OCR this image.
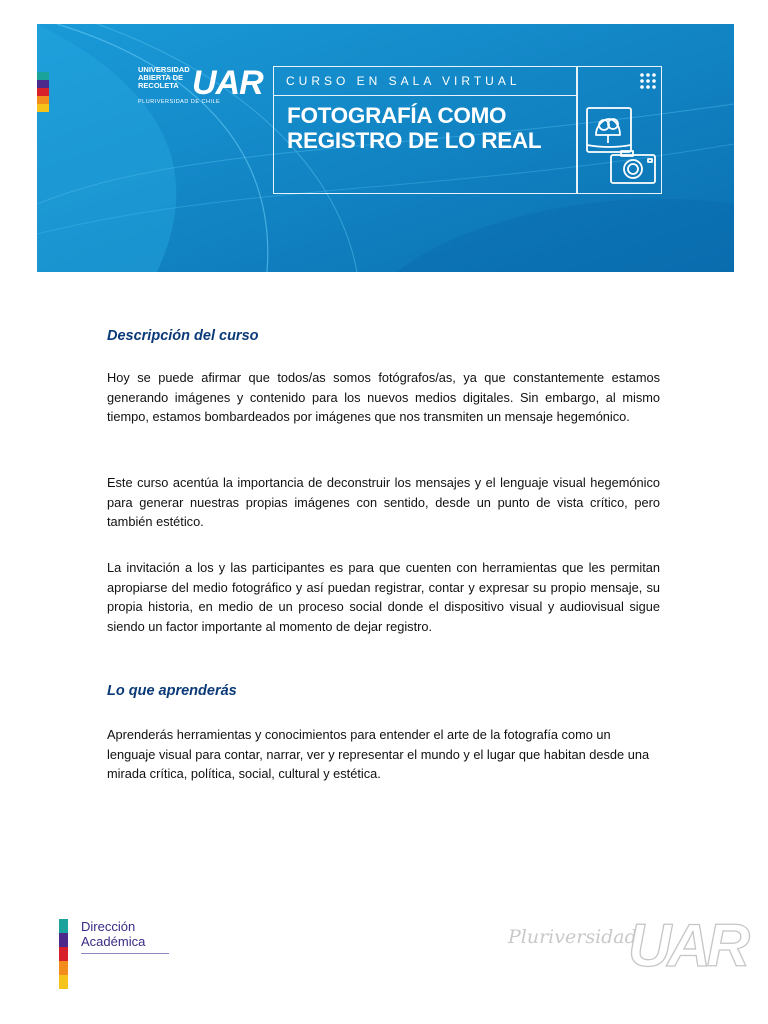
UNIVERSIDAD
ABIERTA DE
RECOLETA UAR
PLURIVERSIDAD DE CHILE
CURSO EN SALA VIRTUAL
FOTOGRAFÍA COMO
REGISTRO DE LO REAL
Descripción del curso

Hoy se puede afirmar que todos/as somos fotógrafos/as, ya que constantemente estamos generando imágenes y contenido para los nuevos medios digitales. Sin embargo, al mismo tiempo, estamos bombardeados por imágenes que nos transmiten un mensaje hegemónico.

Este curso acentúa la importancia de deconstruir los mensajes y el lenguaje visual hegemónico para generar nuestras propias imágenes con sentido, desde un punto de vista crítico, pero también estético.

La invitación a los y las participantes es para que cuenten con herramientas que les permitan apropiarse del medio fotográfico y así puedan registrar, contar y expresar su propio mensaje, su propia historia, en medio de un proceso social donde el dispositivo visual y audiovisual sigue siendo un factor importante al momento de dejar registro.

Lo que aprenderás

Aprenderás herramientas y conocimientos para entender el arte de la fotografía como un lenguaje visual para contar, narrar, ver y representar el mundo y el lugar que habitan desde una mirada crítica, política, social, cultural y estética.

Dirección
Académica	Pluriversidad
UAR
